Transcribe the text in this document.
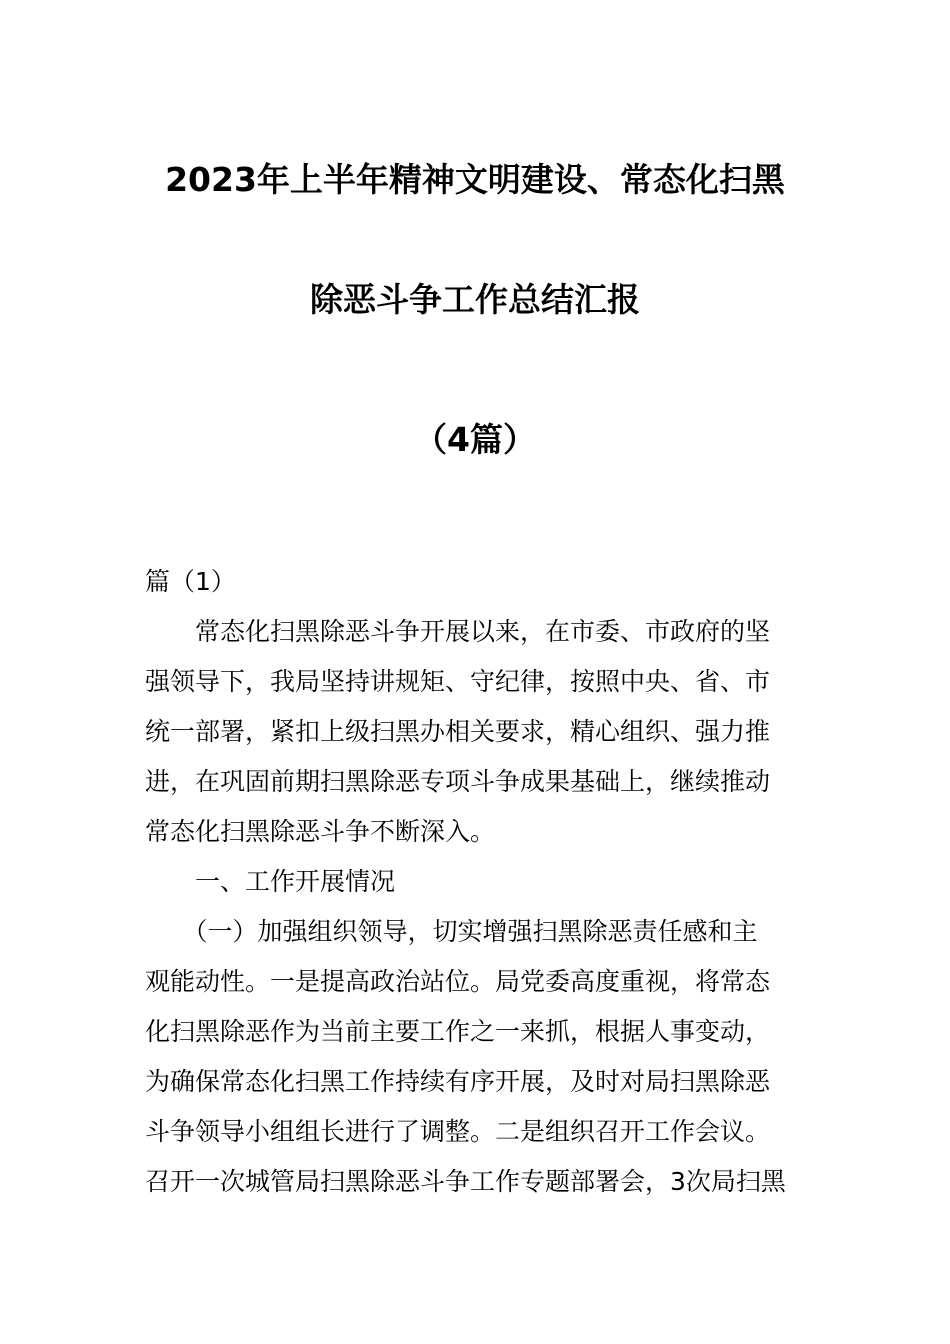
2023年上半年精神文明建设、常态化扫黑
除恶斗争工作总结汇报
（4篇）
篇（1）
　　常态化扫黑除恶斗争开展以来，在市委、市政府的坚
强领导下，我局坚持讲规矩、守纪律，按照中央、省、市
统一部署，紧扣上级扫黑办相关要求，精心组织、强力推
进，在巩固前期扫黑除恶专项斗争成果基础上，继续推动
常态化扫黑除恶斗争不断深入。
　　一、工作开展情况
　　（一）加强组织领导，切实增强扫黑除恶责任感和主
观能动性。一是提高政治站位。局党委高度重视，将常态
化扫黑除恶作为当前主要工作之一来抓，根据人事变动，
为确保常态化扫黑工作持续有序开展，及时对局扫黑除恶
斗争领导小组组长进行了调整。二是组织召开工作会议。
召开一次城管局扫黑除恶斗争工作专题部署会，3次局扫黑
